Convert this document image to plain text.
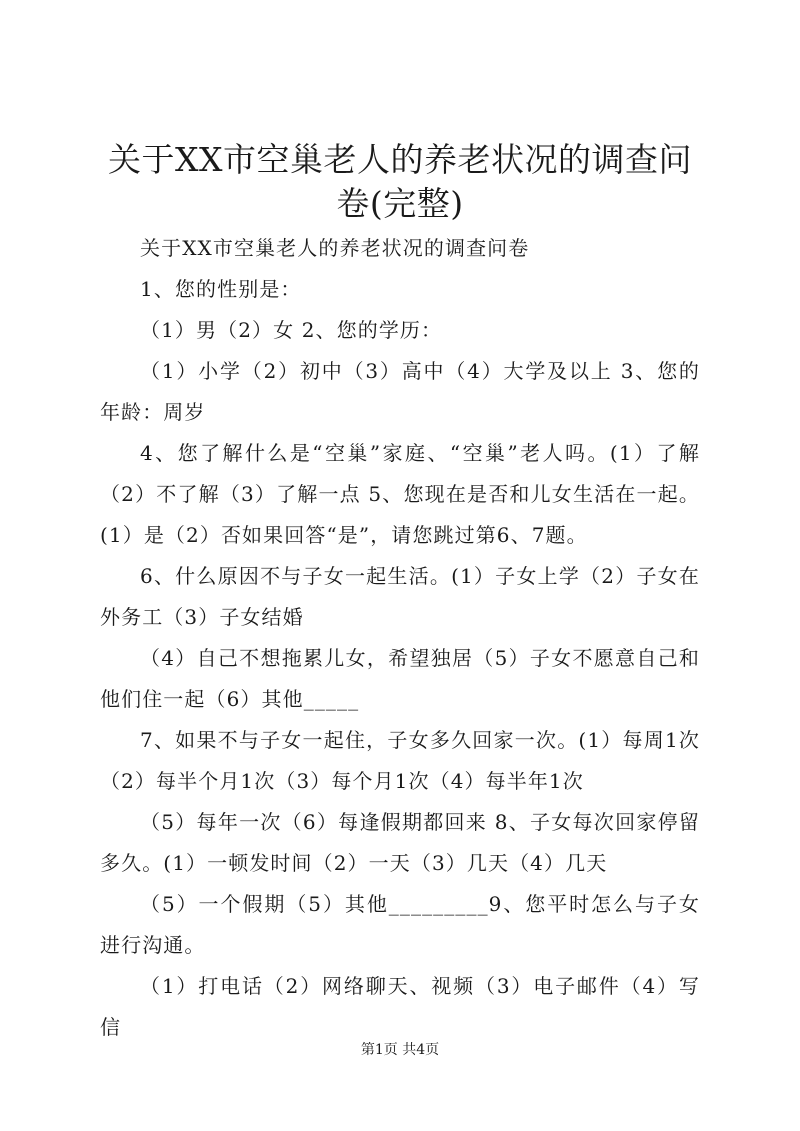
关于XX市空巢老人的养老状况的调查问卷(完整)

关于XX市空巢老人的养老状况的调查问卷

1、您的性别是：

（1）男（2）女 2、您的学历：

（1）小学（2）初中（3）高中（4）大学及以上 3、您的年龄：周岁

4、您了解什么是“空巢”家庭、“空巢”老人吗。(1）了解（2）不了解（3）了解一点 5、您现在是否和儿女生活在一起。(1）是（2）否如果回答“是”，请您跳过第6、7题。

6、什么原因不与子女一起生活。(1）子女上学（2）子女在外务工（3）子女结婚

（4）自己不想拖累儿女，希望独居（5）子女不愿意自己和他们住一起（6）其他_____

7、如果不与子女一起住，子女多久回家一次。(1）每周1次（2）每半个月1次（3）每个月1次（4）每半年1次

（5）每年一次（6）每逢假期都回来 8、子女每次回家停留多久。(1）一顿发时间（2）一天（3）几天（4）几天

（5）一个假期（5）其他_________9、您平时怎么与子女进行沟通。

（1）打电话（2）网络聊天、视频（3）电子邮件（4）写信

第1页 共4页
